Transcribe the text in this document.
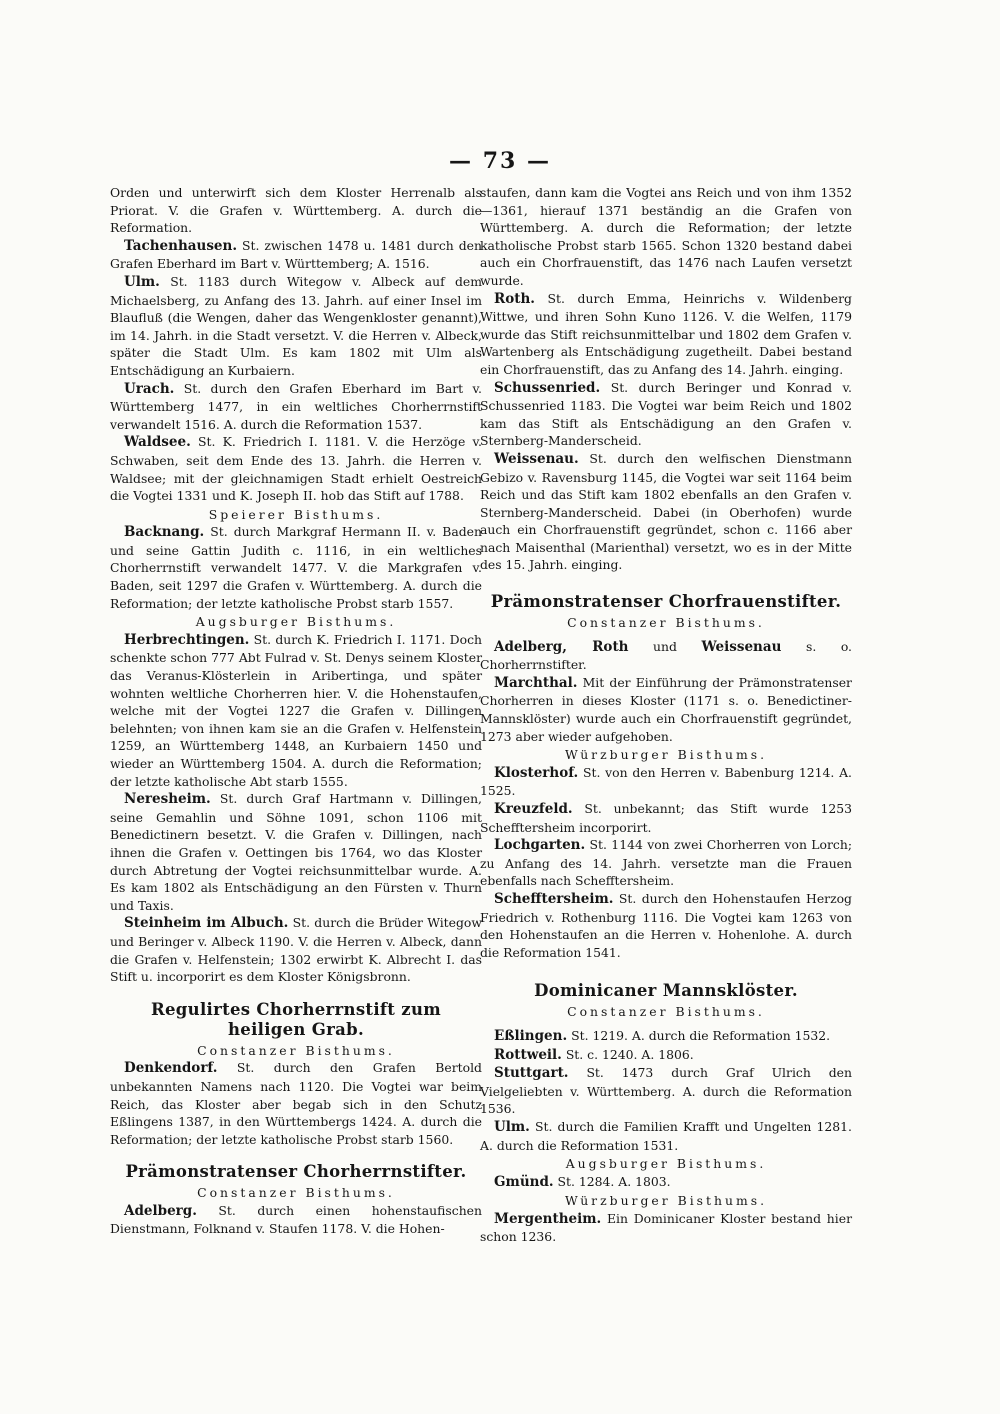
— 73 —

Orden und unterwirft sich dem Kloster Herrenalb als Priorat. V. die Grafen v. Württemberg. A. durch die Reformation.

Tachenhausen. St. zwischen 1478 u. 1481 durch den Grafen Eberhard im Bart v. Württemberg; A. 1516.

Ulm. St. 1183 durch Witegow v. Albeck auf dem Michaelsberg, zu Anfang des 13. Jahrh. auf einer Insel im Blaufluß (die Wengen, daher das Wengenkloster genannt), im 14. Jahrh. in die Stadt versetzt. V. die Herren v. Albeck, später die Stadt Ulm. Es kam 1802 mit Ulm als Entschädigung an Kurbaiern.

Urach. St. durch den Grafen Eberhard im Bart v. Württemberg 1477, in ein weltliches Chorherrnstift verwandelt 1516. A. durch die Reformation 1537.

Waldsee. St. K. Friedrich I. 1181. V. die Herzöge v. Schwaben, seit dem Ende des 13. Jahrh. die Herren v. Waldsee; mit der gleichnamigen Stadt erhielt Oestreich die Vogtei 1331 und K. Joseph II. hob das Stift auf 1788.

Speierer Bisthums.

Backnang. St. durch Markgraf Hermann II. v. Baden und seine Gattin Judith c. 1116, in ein weltliches Chorherrnstift verwandelt 1477. V. die Markgrafen v. Baden, seit 1297 die Grafen v. Württemberg. A. durch die Reformation; der letzte katholische Probst starb 1557.

Augsburger Bisthums.

Herbrechtingen. St. durch K. Friedrich I. 1171. Doch schenkte schon 777 Abt Fulrad v. St. Denys seinem Kloster das Veranus-Klösterlein in Aribertinga, und später wohnten weltliche Chorherren hier. V. die Hohenstaufen, welche mit der Vogtei 1227 die Grafen v. Dillingen belehnten; von ihnen kam sie an die Grafen v. Helfenstein 1259, an Württemberg 1448, an Kurbaiern 1450 und wieder an Württemberg 1504. A. durch die Reformation; der letzte katholische Abt starb 1555.

Neresheim. St. durch Graf Hartmann v. Dillingen, seine Gemahlin und Söhne 1091, schon 1106 mit Benedictinern besetzt. V. die Grafen v. Dillingen, nach ihnen die Grafen v. Oettingen bis 1764, wo das Kloster durch Abtretung der Vogtei reichsunmittelbar wurde. A. Es kam 1802 als Entschädigung an den Fürsten v. Thurn und Taxis.

Steinheim im Albuch. St. durch die Brüder Witegow und Beringer v. Albeck 1190. V. die Herren v. Albeck, dann die Grafen v. Helfenstein; 1302 erwirbt K. Albrecht I. das Stift u. incorporirt es dem Kloster Königsbronn.

Regulirtes Chorherrnstift zum heiligen Grab.

Constanzer Bisthums.

Denkendorf. St. durch den Grafen Bertold unbekannten Namens nach 1120. Die Vogtei war beim Reich, das Kloster aber begab sich in den Schutz Eßlingens 1387, in den Württembergs 1424. A. durch die Reformation; der letzte katholische Probst starb 1560.

Prämonstratenser Chorherrnstifter.

Constanzer Bisthums.

Adelberg. St. durch einen hohenstaufischen Dienstmann, Folknand v. Staufen 1178. V. die Hohen-

staufen, dann kam die Vogtei ans Reich und von ihm 1352—1361, hierauf 1371 beständig an die Grafen von Württemberg. A. durch die Reformation; der letzte katholische Probst starb 1565. Schon 1320 bestand dabei auch ein Chorfrauenstift, das 1476 nach Laufen versetzt wurde.

Roth. St. durch Emma, Heinrichs v. Wildenberg Wittwe, und ihren Sohn Kuno 1126. V. die Welfen, 1179 wurde das Stift reichsunmittelbar und 1802 dem Grafen v. Wartenberg als Entschädigung zugetheilt. Dabei bestand ein Chorfrauenstift, das zu Anfang des 14. Jahrh. einging.

Schussenried. St. durch Beringer und Konrad v. Schussenried 1183. Die Vogtei war beim Reich und 1802 kam das Stift als Entschädigung an den Grafen v. Sternberg-Manderscheid.

Weissenau. St. durch den welfischen Dienstmann Gebizo v. Ravensburg 1145, die Vogtei war seit 1164 beim Reich und das Stift kam 1802 ebenfalls an den Grafen v. Sternberg-Manderscheid. Dabei (in Oberhofen) wurde auch ein Chorfrauenstift gegründet, schon c. 1166 aber nach Maisenthal (Marienthal) versetzt, wo es in der Mitte des 15. Jahrh. einging.

Prämonstratenser Chorfrauenstifter.

Constanzer Bisthums.

Adelberg, Roth und Weissenau s. o. Chorherrnstifter.

Marchthal. Mit der Einführung der Prämonstratenser Chorherren in dieses Kloster (1171 s. o. Benedictiner-Mannsklöster) wurde auch ein Chorfrauenstift gegründet, 1273 aber wieder aufgehoben.

Würzburger Bisthums.

Klosterhof. St. von den Herren v. Babenburg 1214. A. 1525.

Kreuzfeld. St. unbekannt; das Stift wurde 1253 Schefftersheim incorporirt.

Lochgarten. St. 1144 von zwei Chorherren von Lorch; zu Anfang des 14. Jahrh. versetzte man die Frauen ebenfalls nach Schefftersheim.

Schefftersheim. St. durch den Hohenstaufen Herzog Friedrich v. Rothenburg 1116. Die Vogtei kam 1263 von den Hohenstaufen an die Herren v. Hohenlohe. A. durch die Reformation 1541.

Dominicaner Mannsklöster.

Constanzer Bisthums.

Eßlingen. St. 1219. A. durch die Reformation 1532.

Rottweil. St. c. 1240. A. 1806.

Stuttgart. St. 1473 durch Graf Ulrich den Vielgeliebten v. Württemberg. A. durch die Reformation 1536.

Ulm. St. durch die Familien Krafft und Ungelten 1281. A. durch die Reformation 1531.

Augsburger Bisthums.

Gmünd. St. 1284. A. 1803.

Würzburger Bisthums.

Mergentheim. Ein Dominicaner Kloster bestand hier schon 1236.
